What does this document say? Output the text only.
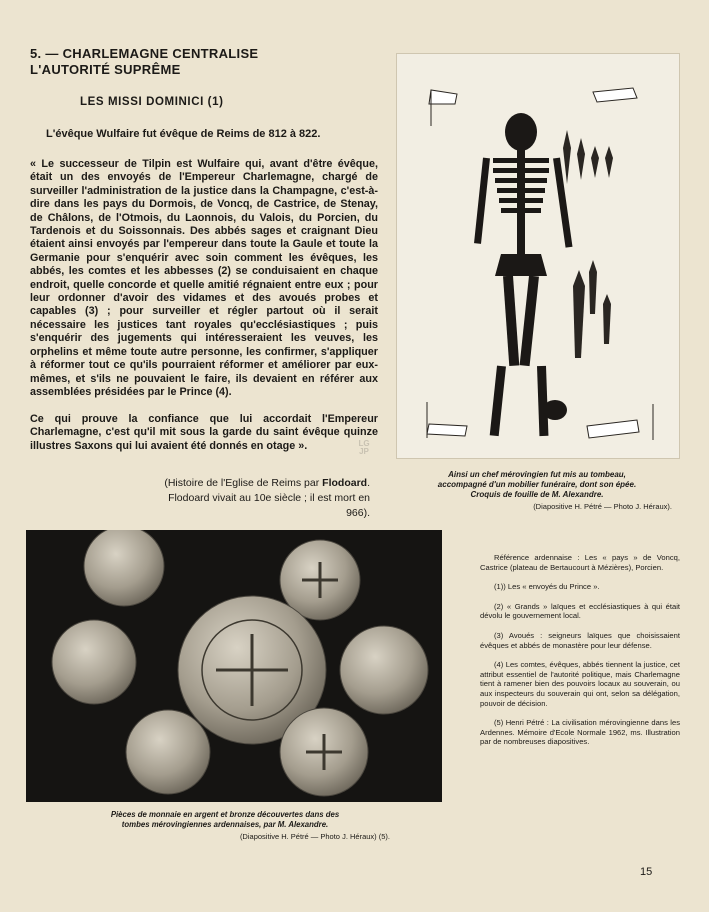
5. — CHARLEMAGNE CENTRALISE
L'AUTORITÉ SUPRÊME
LES MISSI DOMINICI (1)
L'évêque Wulfaire fut évêque de Reims de 812 à 822.

« Le successeur de Tilpin est Wulfaire qui, avant d'être évêque, était un des envoyés de l'Empereur Charlemagne, chargé de surveiller l'administration de la justice dans la Champagne, c'est-à-dire dans les pays du Dormois, de Voncq, de Castrice, de Stenay, de Châlons, de l'Otmois, du Laonnois, du Valois, du Porcien, du Tardenois et du Soissonnais. Des abbés sages et craignant Dieu étaient ainsi envoyés par l'empereur dans toute la Gaule et toute la Germanie pour s'enquérir avec soin comment les évêques, les abbés, les comtes et les abbesses (2) se conduisaient en chaque endroit, quelle concorde et quelle amitié régnaient entre eux ; pour leur ordonner d'avoir des vidames et des avoués probes et capables (3) ; pour surveiller et régler partout où il serait nécessaire les justices tant royales qu'ecclésiastiques ; puis s'enquérir des jugements qui intéresseraient les veuves, les orphelins et même toute autre personne, les confirmer, s'appliquer à réformer tout ce qu'ils pourraient réformer et améliorer par eux-mêmes, et s'ils ne pouvaient le faire, ils devaient en référer aux assemblées présidées par le Prince (4).

Ce qui prouve la confiance que lui accordait l'Empereur Charlemagne, c'est qu'il mit sous la garde du saint évêque quinze illustres Saxons qui lui avaient été donnés en otage ».	LG
JP
(Histoire de l'Eglise de Reims par Flodoard.
Flodoard vivait au 10e siècle ; il est mort en 966).
Ainsi un chef mérovingien fut mis au tombeau,
accompagné d'un mobilier funéraire, dont son épée.
Croquis de fouille de M. Alexandre.
(Diapositive H. Pétré — Photo J. Héraux).
Pièces de monnaie en argent et bronze découvertes dans des
tombes mérovingiennes ardennaises, par M. Alexandre.
(Diapositive H. Pétré — Photo J. Héraux) (5).

Référence ardennaise : Les « pays » de Voncq, Castrice (plateau de Bertaucourt à Mézières), Porcien.

(1)) Les « envoyés du Prince ».

(2) « Grands » laïques et ecclésiastiques à qui était dévolu le gouvernement local.

(3) Avoués : seigneurs laïques que choisissaient évêques et abbés de monastère pour leur défense.

(4) Les comtes, évêques, abbés tiennent la justice, cet attribut essentiel de l'autorité politique, mais Charlemagne tient à ramener bien des pouvoirs locaux au souverain, ou aux inspecteurs du souverain qui ont, selon sa délégation, pouvoir de décision.

(5) Henri Pétré : La civilisation mérovingienne dans les Ardennes. Mémoire d'Ecole Normale 1962, ms. Illustration par de nombreuses diapositives.

15
